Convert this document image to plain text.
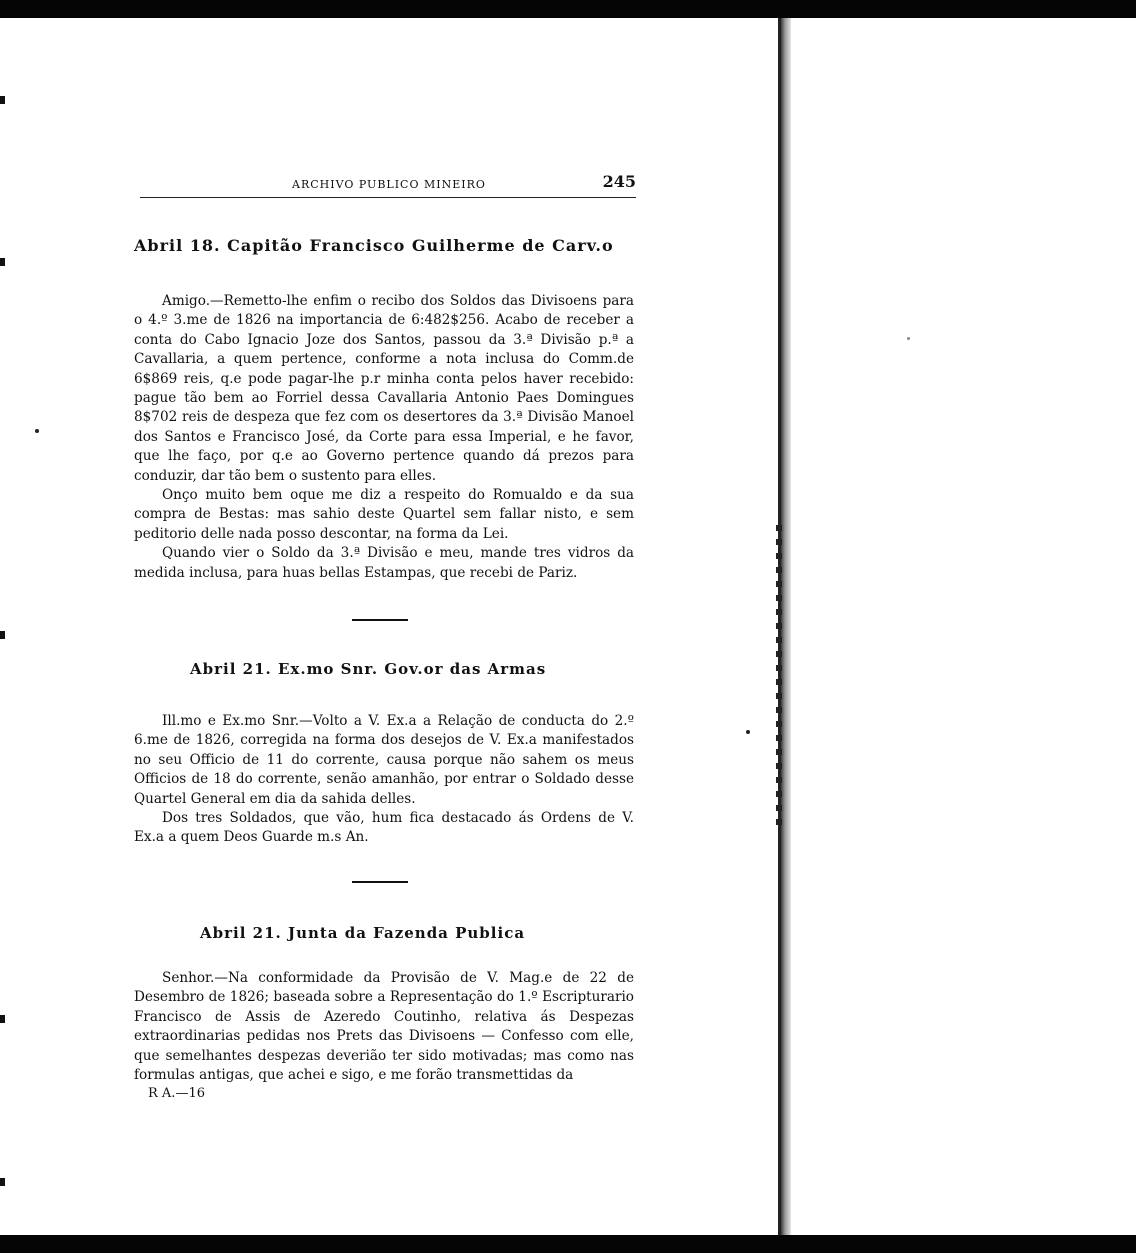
ARCHIVO PUBLICO MINEIRO	245
Abril 18. Capitão Francisco Guilherme de Carv.o

Amigo.—Remetto-lhe enfim o recibo dos Soldos das Divisoens para o 4.º 3.me de 1826 na importancia de 6:482$256. Acabo de receber a conta do Cabo Ignacio Joze dos Santos, passou da 3.ª Divisão p.ª a Cavallaria, a quem pertence, conforme a nota inclusa do Comm.de 6$869 reis, q.e pode pagar-lhe p.r minha conta pelos haver recebido: pague tão bem ao Forriel dessa Cavallaria Antonio Paes Domingues 8$702 reis de despeza que fez com os desertores da 3.ª Divisão Manoel dos Santos e Francisco José, da Corte para essa Imperial, e he favor, que lhe faço, por q.e ao Governo pertence quando dá prezos para conduzir, dar tão bem o sustento para elles.

Onço muito bem oque me diz a respeito do Romualdo e da sua compra de Bestas: mas sahio deste Quartel sem fallar nisto, e sem peditorio delle nada posso descontar, na forma da Lei.

Quando vier o Soldo da 3.ª Divisão e meu, mande tres vidros da medida inclusa, para huas bellas Estampas, que recebi de Pariz.

Abril 21. Ex.mo Snr. Gov.or das Armas

Ill.mo e Ex.mo Snr.—Volto a V. Ex.a a Relação de conducta do 2.º 6.me de 1826, corregida na forma dos desejos de V. Ex.a manifestados no seu Officio de 11 do corrente, causa porque não sahem os meus Officios de 18 do corrente, senão amanhão, por entrar o Soldado desse Quartel General em dia da sahida delles.

Dos tres Soldados, que vão, hum fica destacado ás Ordens de V. Ex.a a quem Deos Guarde m.s An.

Abril 21. Junta da Fazenda Publica

Senhor.—Na conformidade da Provisão de V. Mag.e de 22 de Desembro de 1826; baseada sobre a Representação do 1.º Escripturario Francisco de Assis de Azeredo Coutinho, relativa ás Despezas extraordinarias pedidas nos Prets das Divisoens — Confesso com elle, que semelhantes despezas deverião ter sido motivadas; mas como nas formulas antigas, que achei e sigo, e me forão transmettidas da

R A.—16
